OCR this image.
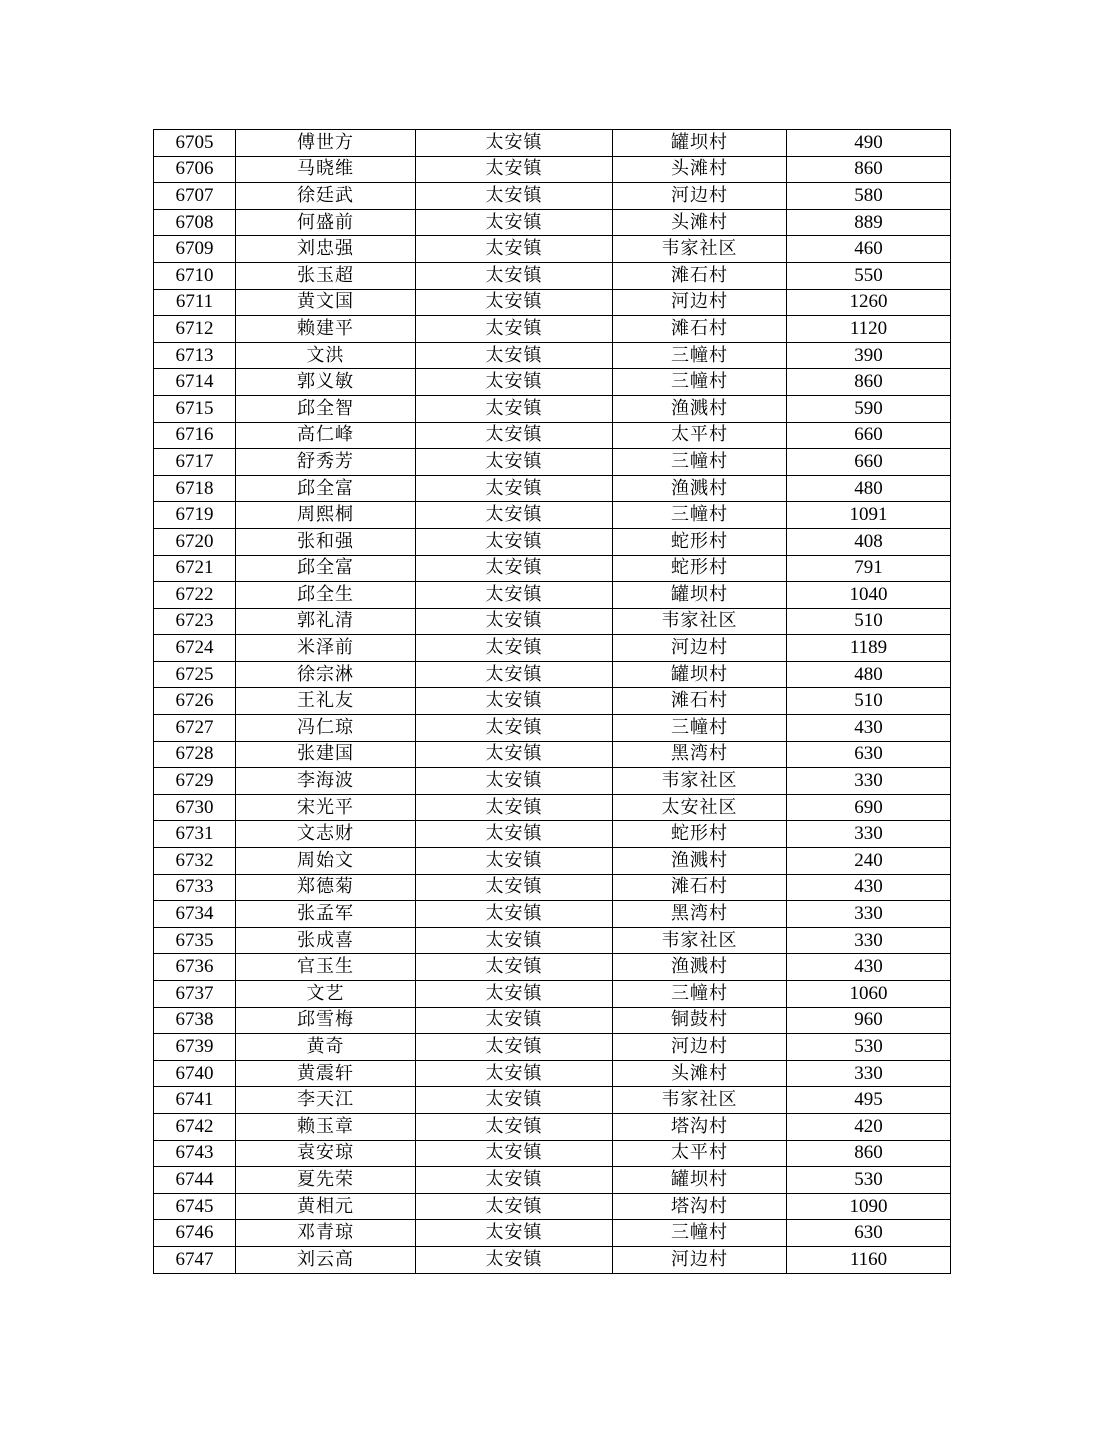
6705	傅世方	太安镇	罐坝村	490
6706	马晓维	太安镇	头滩村	860
6707	徐廷武	太安镇	河边村	580
6708	何盛前	太安镇	头滩村	889
6709	刘忠强	太安镇	韦家社区	460
6710	张玉超	太安镇	滩石村	550
6711	黄文国	太安镇	河边村	1260
6712	赖建平	太安镇	滩石村	1120
6713	文洪	太安镇	三幢村	390
6714	郭义敏	太安镇	三幢村	860
6715	邱全智	太安镇	渔溅村	590
6716	高仁峰	太安镇	太平村	660
6717	舒秀芳	太安镇	三幢村	660
6718	邱全富	太安镇	渔溅村	480
6719	周熙桐	太安镇	三幢村	1091
6720	张和强	太安镇	蛇形村	408
6721	邱全富	太安镇	蛇形村	791
6722	邱全生	太安镇	罐坝村	1040
6723	郭礼清	太安镇	韦家社区	510
6724	米泽前	太安镇	河边村	1189
6725	徐宗淋	太安镇	罐坝村	480
6726	王礼友	太安镇	滩石村	510
6727	冯仁琼	太安镇	三幢村	430
6728	张建国	太安镇	黑湾村	630
6729	李海波	太安镇	韦家社区	330
6730	宋光平	太安镇	太安社区	690
6731	文志财	太安镇	蛇形村	330
6732	周始文	太安镇	渔溅村	240
6733	郑德菊	太安镇	滩石村	430
6734	张孟军	太安镇	黑湾村	330
6735	张成喜	太安镇	韦家社区	330
6736	官玉生	太安镇	渔溅村	430
6737	文艺	太安镇	三幢村	1060
6738	邱雪梅	太安镇	铜鼓村	960
6739	黄奇	太安镇	河边村	530
6740	黄震轩	太安镇	头滩村	330
6741	李天江	太安镇	韦家社区	495
6742	赖玉章	太安镇	塔沟村	420
6743	袁安琼	太安镇	太平村	860
6744	夏先荣	太安镇	罐坝村	530
6745	黄相元	太安镇	塔沟村	1090
6746	邓青琼	太安镇	三幢村	630
6747	刘云高	太安镇	河边村	1160
